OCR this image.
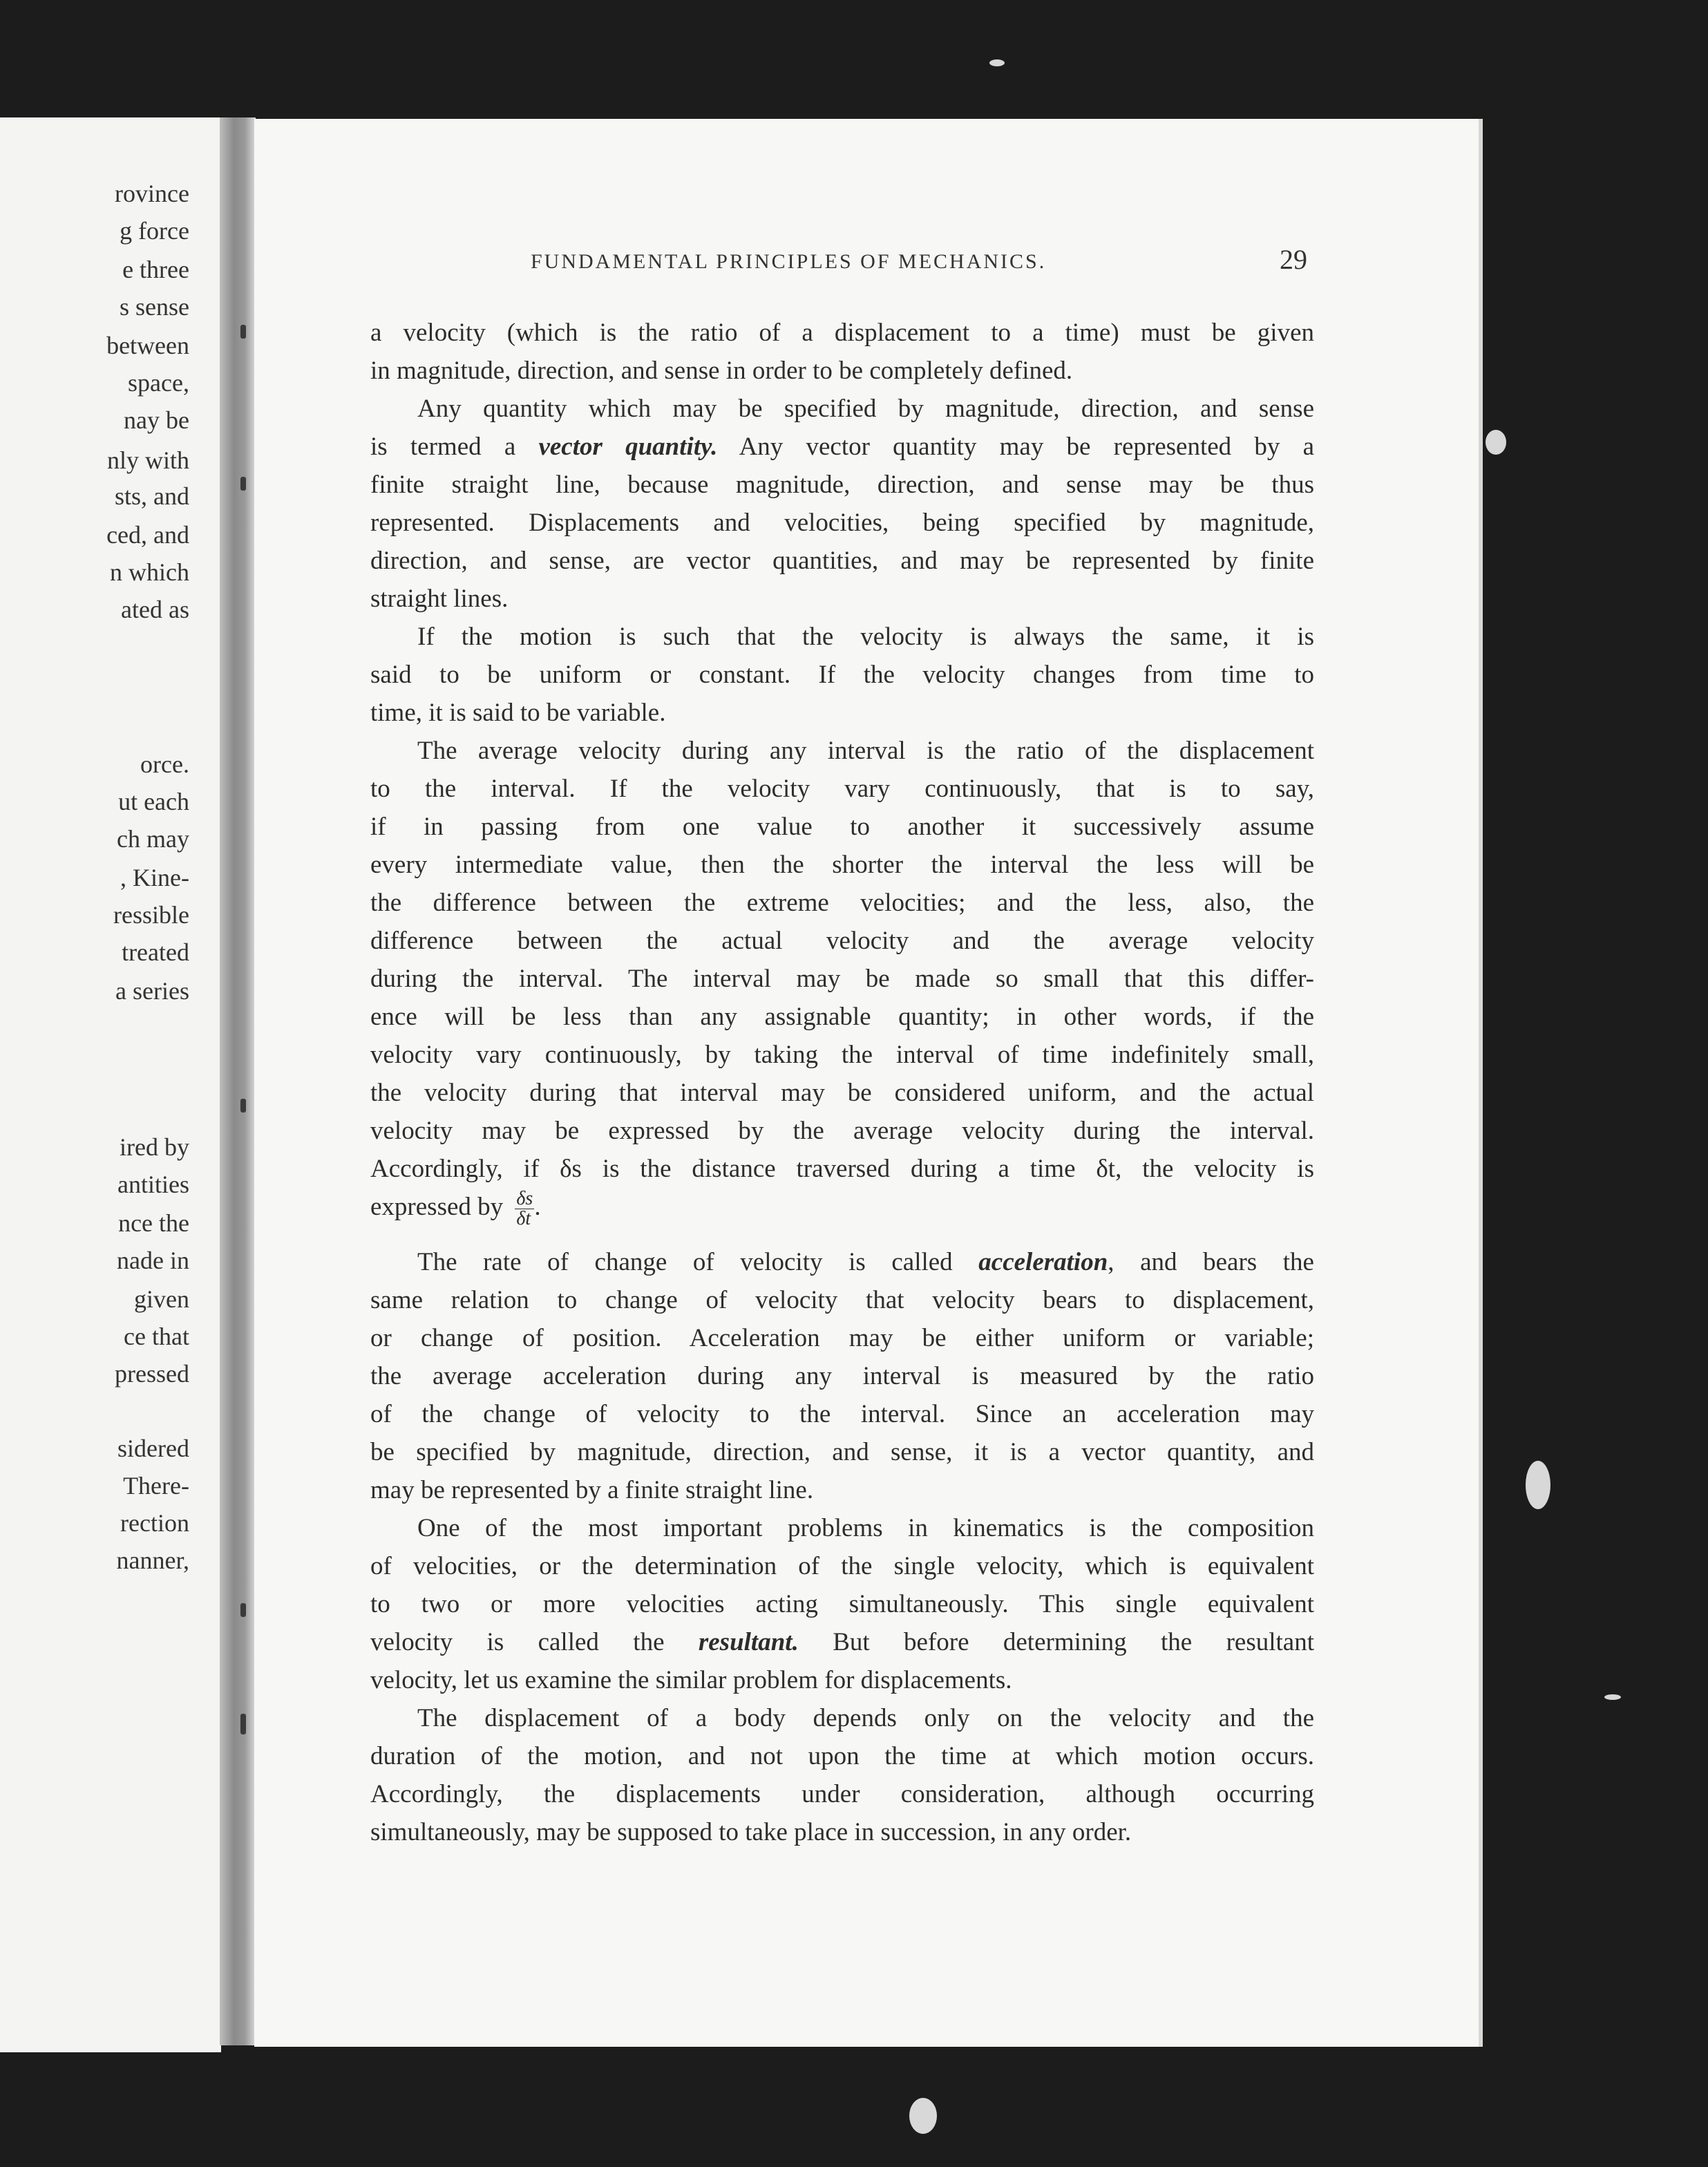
rovince
g force
e three
s sense
between
space,
nay be
nly with
sts, and
ced, and
n which
ated as
orce.
ut each
ch may
, Kine-
ressible
treated
a series
ired by
antities
nce the
nade in
given
ce that
pressed
sidered
There-
rection
nanner,
FUNDAMENTAL PRINCIPLES OF MECHANICS.	29
a velocity (which is the ratio of a displacement to a time) must be given
in magnitude, direction, and sense in order to be completely defined.
Any quantity which may be specified by magnitude, direction, and sense
is termed a vector quantity. Any vector quantity may be represented by a
finite straight line, because magnitude, direction, and sense may be thus
represented. Displacements and velocities, being specified by magnitude,
direction, and sense, are vector quantities, and may be represented by finite
straight lines.
If the motion is such that the velocity is always the same, it is
said to be uniform or constant. If the velocity changes from time to
time, it is said to be variable.
The average velocity during any interval is the ratio of the displacement
to the interval. If the velocity vary continuously, that is to say,
if in passing from one value to another it successively assume
every intermediate value, then the shorter the interval the less will be
the difference between the extreme velocities; and the less, also, the
difference between the actual velocity and the average velocity
during the interval. The interval may be made so small that this differ-
ence will be less than any assignable quantity; in other words, if the
velocity vary continuously, by taking the interval of time indefinitely small,
the velocity during that interval may be considered uniform, and the actual
velocity may be expressed by the average velocity during the interval.
Accordingly, if δs is the distance traversed during a time δt, the velocity is
expressed by $\frac{\delta s}{\delta t}$ .
The rate of change of velocity is called acceleration, and bears the
same relation to change of velocity that velocity bears to displacement,
or change of position. Acceleration may be either uniform or variable;
the average acceleration during any interval is measured by the ratio
of the change of velocity to the interval. Since an acceleration may
be specified by magnitude, direction, and sense, it is a vector quantity, and
may be represented by a finite straight line.
One of the most important problems in kinematics is the composition
of velocities, or the determination of the single velocity, which is equivalent
to two or more velocities acting simultaneously. This single equivalent
velocity is called the resultant. But before determining the resultant
velocity, let us examine the similar problem for displacements.
The displacement of a body depends only on the velocity and the
duration of the motion, and not upon the time at which motion occurs.
Accordingly, the displacements under consideration, although occurring
simultaneously, may be supposed to take place in succession, in any order.
